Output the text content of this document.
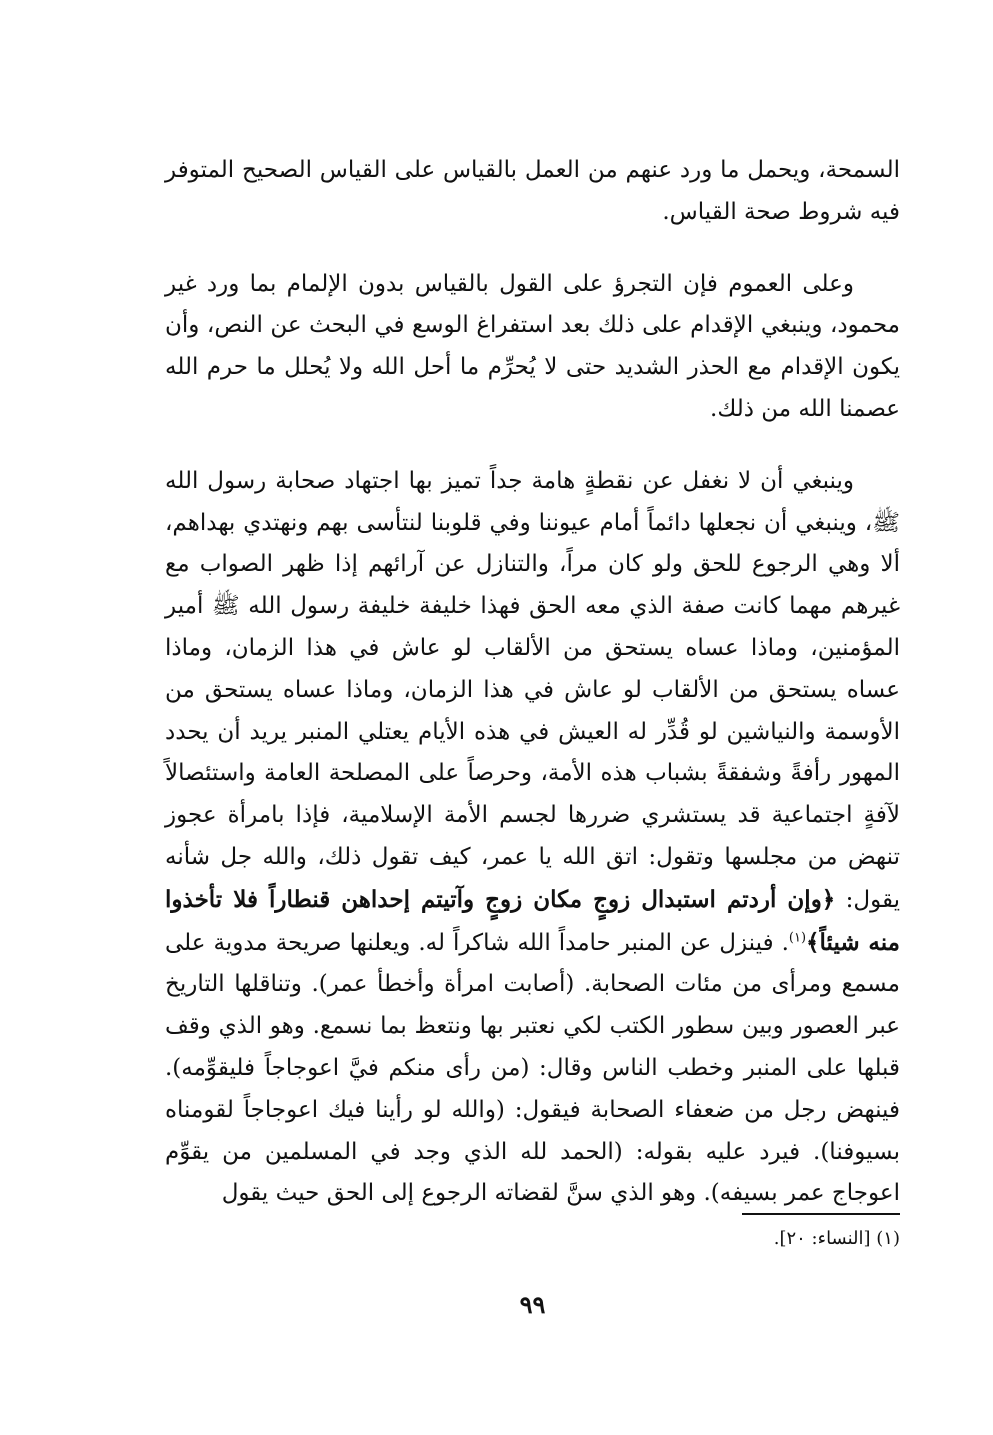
السمحة، ويحمل ما ورد عنهم من العمل بالقياس على القياس الصحيح المتوفر فيه شروط صحة القياس.

وعلى العموم فإن التجرؤ على القول بالقياس بدون الإلمام بما ورد غير محمود، وينبغي الإقدام على ذلك بعد استفراغ الوسع في البحث عن النص، وأن يكون الإقدام مع الحذر الشديد حتى لا يُحرِّم ما أحل الله ولا يُحلل ما حرم الله عصمنا الله من ذلك.

وينبغي أن لا نغفل عن نقطةٍ هامة جداً تميز بها اجتهاد صحابة رسول الله ﷺ، وينبغي أن نجعلها دائماً أمام عيوننا وفي قلوبنا لنتأسى بهم ونهتدي بهداهم، ألا وهي الرجوع للحق ولو كان مراً، والتنازل عن آرائهم إذا ظهر الصواب مع غيرهم مهما كانت صفة الذي معه الحق فهذا خليفة خليفة رسول الله ﷺ أمير المؤمنين، وماذا عساه يستحق من الألقاب لو عاش في هذا الزمان، وماذا عساه يستحق من الألقاب لو عاش في هذا الزمان، وماذا عساه يستحق من الأوسمة والنياشين لو قُدِّر له العيش في هذه الأيام يعتلي المنبر يريد أن يحدد المهور رأفةً وشفقةً بشباب هذه الأمة، وحرصاً على المصلحة العامة واستئصالاً لآفةٍ اجتماعية قد يستشري ضررها لجسم الأمة الإسلامية، فإذا بامرأة عجوز تنهض من مجلسها وتقول: اتق الله يا عمر، كيف تقول ذلك، والله جل شأنه يقول: ﴿وإن أردتم استبدال زوجٍ مكان زوجٍ وآتيتم إحداهن قنطاراً فلا تأخذوا منه شيئاً﴾$^{(١)}$. فينزل عن المنبر حامداً الله شاكراً له. ويعلنها صريحة مدوية على مسمع ومرأى من مئات الصحابة. (أصابت امرأة وأخطأ عمر). وتناقلها التاريخ عبر العصور وبين سطور الكتب لكي نعتبر بها ونتعظ بما نسمع. وهو الذي وقف قبلها على المنبر وخطب الناس وقال: (من رأى منكم فيَّ اعوجاجاً فليقوِّمه). فينهض رجل من ضعفاء الصحابة فيقول: (والله لو رأينا فيك اعوجاجاً لقومناه بسيوفنا). فيرد عليه بقوله: (الحمد لله الذي وجد في المسلمين من يقوِّم اعوجاج عمر بسيفه). وهو الذي سنَّ لقضاته الرجوع إلى الحق حيث يقول

(١) [النساء: ٢٠].
٩٩
